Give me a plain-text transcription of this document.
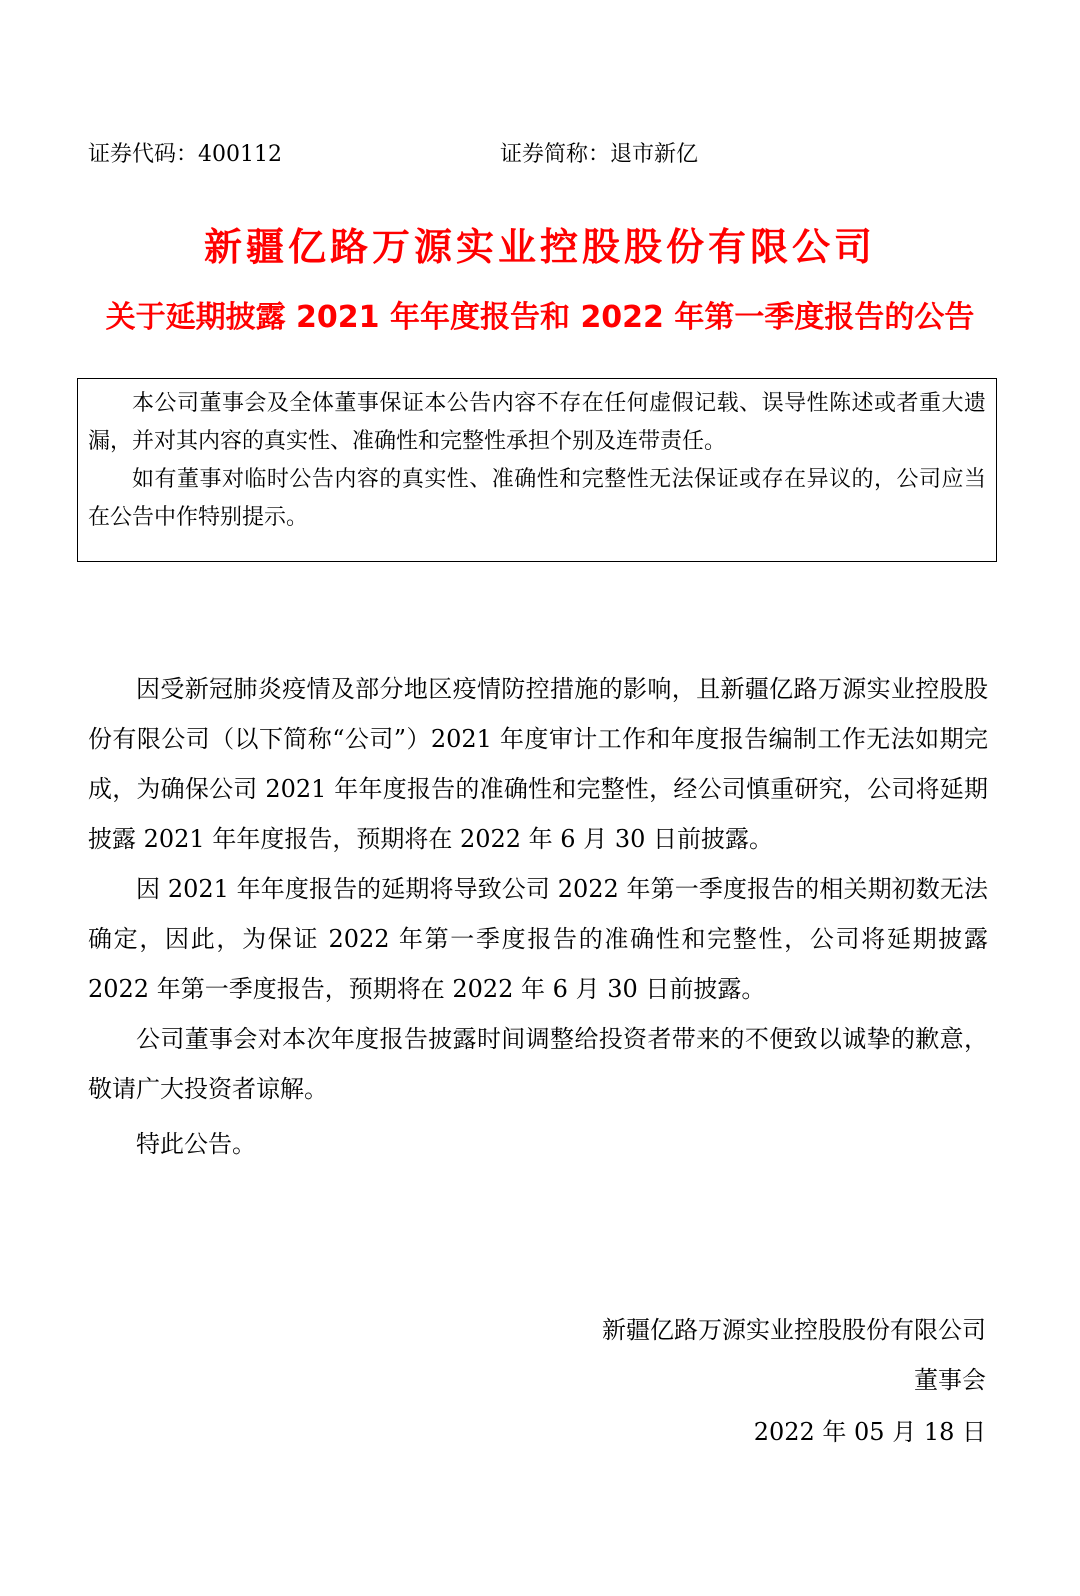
证券代码：400112	证券简称：退市新亿
新疆亿路万源实业控股股份有限公司
关于延期披露 2021 年年度报告和 2022 年第一季度报告的公告

本公司董事会及全体董事保证本公告内容不存在任何虚假记载、误导性陈述或者重大遗漏，并对其内容的真实性、准确性和完整性承担个别及连带责任。

如有董事对临时公告内容的真实性、准确性和完整性无法保证或存在异议的，公司应当在公告中作特别提示。

因受新冠肺炎疫情及部分地区疫情防控措施的影响，且新疆亿路万源实业控股股份有限公司（以下简称“公司”）2021 年度审计工作和年度报告编制工作无法如期完成，为确保公司 2021 年年度报告的准确性和完整性，经公司慎重研究，公司将延期披露 2021 年年度报告，预期将在 2022 年 6 月 30 日前披露。

因 2021 年年度报告的延期将导致公司 2022 年第一季度报告的相关期初数无法确定，因此，为保证 2022 年第一季度报告的准确性和完整性，公司将延期披露 2022 年第一季度报告，预期将在 2022 年 6 月 30 日前披露。

公司董事会对本次年度报告披露时间调整给投资者带来的不便致以诚挚的歉意，敬请广大投资者谅解。

特此公告。
新疆亿路万源实业控股股份有限公司
董事会
2022 年 05 月 18 日
